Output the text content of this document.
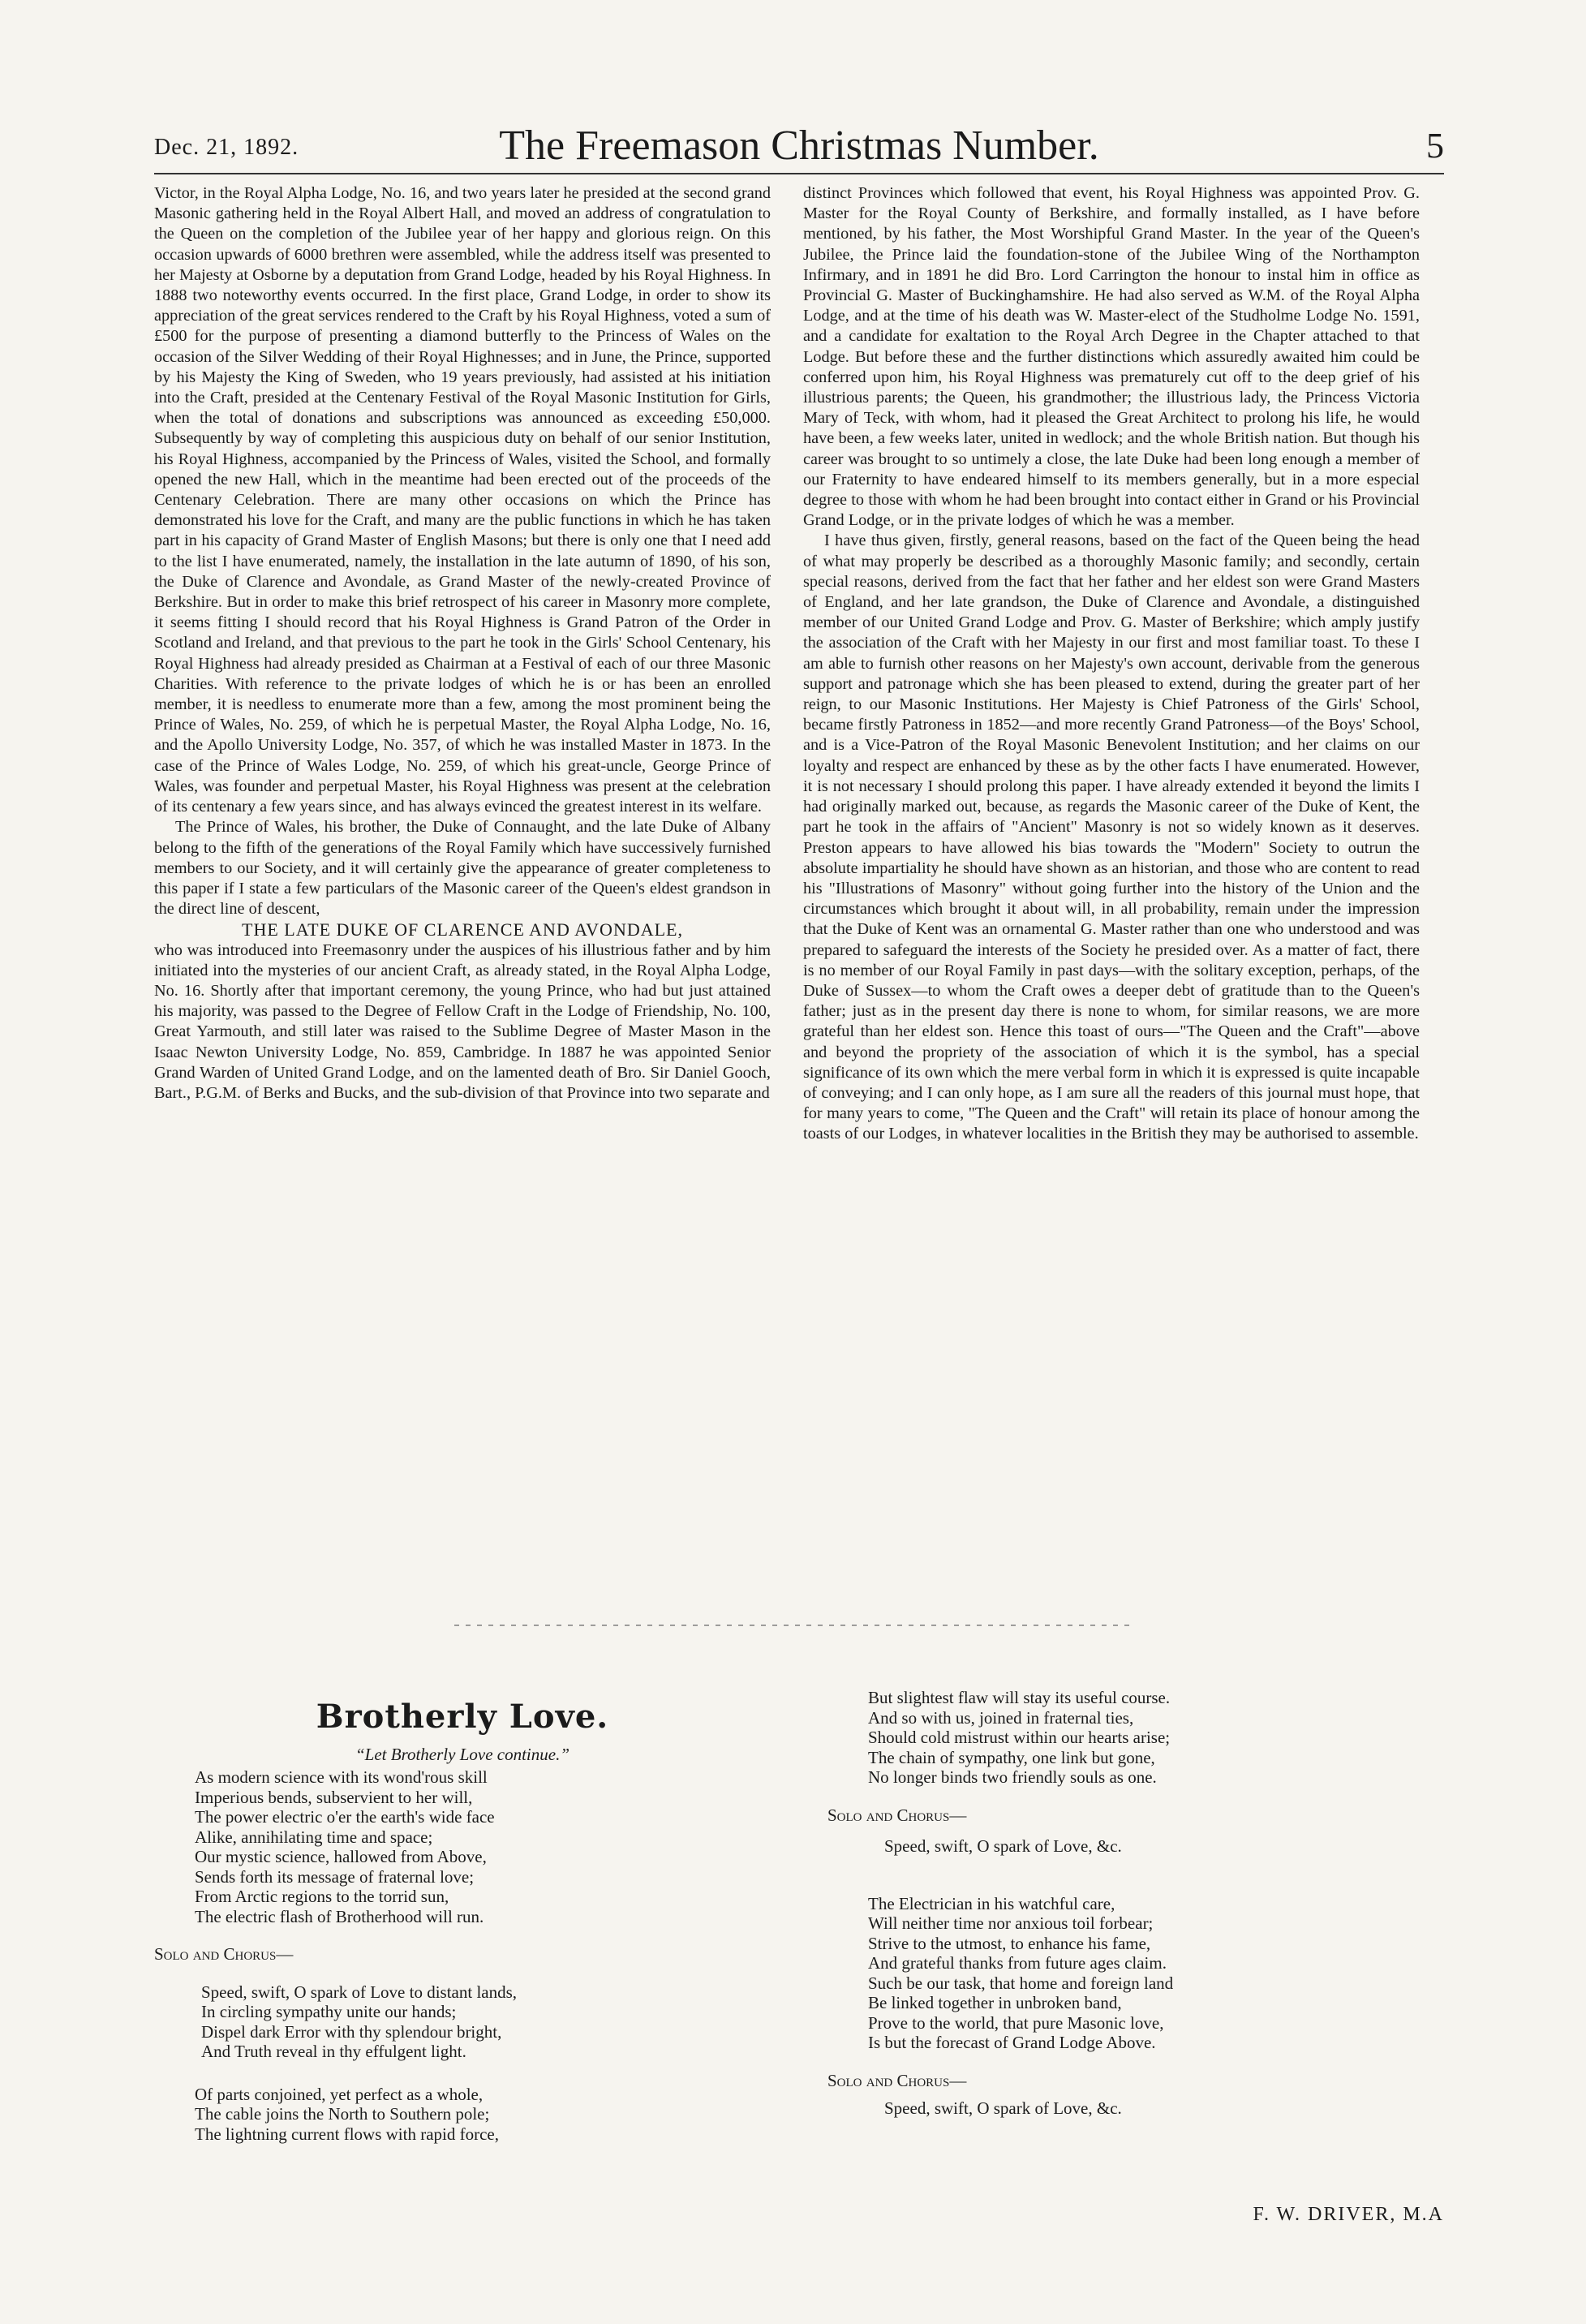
Dec. 21, 1892.	The Freemason Christmas Number.	5

Victor, in the Royal Alpha Lodge, No. 16, and two years later he presided at the second grand Masonic gathering held in the Royal Albert Hall, and moved an address of congratulation to the Queen on the completion of the Jubilee year of her happy and glorious reign. On this occasion upwards of 6000 brethren were assembled, while the address itself was presented to her Majesty at Osborne by a deputation from Grand Lodge, headed by his Royal Highness. In 1888 two noteworthy events occurred. In the first place, Grand Lodge, in order to show its appreciation of the great services rendered to the Craft by his Royal Highness, voted a sum of £500 for the purpose of presenting a diamond butterfly to the Princess of Wales on the occasion of the Silver Wedding of their Royal Highnesses; and in June, the Prince, supported by his Majesty the King of Sweden, who 19 years previously, had assisted at his initiation into the Craft, presided at the Centenary Festival of the Royal Masonic Institution for Girls, when the total of donations and subscriptions was announced as exceeding £50,000. Subsequently by way of completing this auspicious duty on behalf of our senior Institution, his Royal Highness, accompanied by the Princess of Wales, visited the School, and formally opened the new Hall, which in the meantime had been erected out of the proceeds of the Centenary Celebration. There are many other occasions on which the Prince has demonstrated his love for the Craft, and many are the public functions in which he has taken part in his capacity of Grand Master of English Masons; but there is only one that I need add to the list I have enumerated, namely, the installation in the late autumn of 1890, of his son, the Duke of Clarence and Avondale, as Grand Master of the newly-created Province of Berkshire. But in order to make this brief retrospect of his career in Masonry more complete, it seems fitting I should record that his Royal Highness is Grand Patron of the Order in Scotland and Ireland, and that previous to the part he took in the Girls' School Centenary, his Royal Highness had already presided as Chairman at a Festival of each of our three Masonic Charities. With reference to the private lodges of which he is or has been an enrolled member, it is needless to enumerate more than a few, among the most prominent being the Prince of Wales, No. 259, of which he is perpetual Master, the Royal Alpha Lodge, No. 16, and the Apollo University Lodge, No. 357, of which he was installed Master in 1873. In the case of the Prince of Wales Lodge, No. 259, of which his great-uncle, George Prince of Wales, was founder and perpetual Master, his Royal Highness was present at the celebration of its centenary a few years since, and has always evinced the greatest interest in its welfare.

The Prince of Wales, his brother, the Duke of Connaught, and the late Duke of Albany belong to the fifth of the generations of the Royal Family which have successively furnished members to our Society, and it will certainly give the appearance of greater completeness to this paper if I state a few particulars of the Masonic career of the Queen's eldest grandson in the direct line of descent,

THE LATE DUKE OF CLARENCE AND AVONDALE,

who was introduced into Freemasonry under the auspices of his illustrious father and by him initiated into the mysteries of our ancient Craft, as already stated, in the Royal Alpha Lodge, No. 16. Shortly after that important ceremony, the young Prince, who had but just attained his majority, was passed to the Degree of Fellow Craft in the Lodge of Friendship, No. 100, Great Yarmouth, and still later was raised to the Sublime Degree of Master Mason in the Isaac Newton University Lodge, No. 859, Cambridge. In 1887 he was appointed Senior Grand Warden of United Grand Lodge, and on the lamented death of Bro. Sir Daniel Gooch, Bart., P.G.M. of Berks and Bucks, and the sub-division of that Province into two separate and

distinct Provinces which followed that event, his Royal Highness was appointed Prov. G. Master for the Royal County of Berkshire, and formally installed, as I have before mentioned, by his father, the Most Worshipful Grand Master. In the year of the Queen's Jubilee, the Prince laid the foundation-stone of the Jubilee Wing of the Northampton Infirmary, and in 1891 he did Bro. Lord Carrington the honour to instal him in office as Provincial G. Master of Buckinghamshire. He had also served as W.M. of the Royal Alpha Lodge, and at the time of his death was W. Master-elect of the Studholme Lodge No. 1591, and a candidate for exaltation to the Royal Arch Degree in the Chapter attached to that Lodge. But before these and the further distinctions which assuredly awaited him could be conferred upon him, his Royal Highness was prematurely cut off to the deep grief of his illustrious parents; the Queen, his grandmother; the illustrious lady, the Princess Victoria Mary of Teck, with whom, had it pleased the Great Architect to prolong his life, he would have been, a few weeks later, united in wedlock; and the whole British nation. But though his career was brought to so untimely a close, the late Duke had been long enough a member of our Fraternity to have endeared himself to its members generally, but in a more especial degree to those with whom he had been brought into contact either in Grand or his Provincial Grand Lodge, or in the private lodges of which he was a member.

I have thus given, firstly, general reasons, based on the fact of the Queen being the head of what may properly be described as a thoroughly Masonic family; and secondly, certain special reasons, derived from the fact that her father and her eldest son were Grand Masters of England, and her late grandson, the Duke of Clarence and Avondale, a distinguished member of our United Grand Lodge and Prov. G. Master of Berkshire; which amply justify the association of the Craft with her Majesty in our first and most familiar toast. To these I am able to furnish other reasons on her Majesty's own account, derivable from the generous support and patronage which she has been pleased to extend, during the greater part of her reign, to our Masonic Institutions. Her Majesty is Chief Patroness of the Girls' School, became firstly Patroness in 1852—and more recently Grand Patroness—of the Boys' School, and is a Vice-Patron of the Royal Masonic Benevolent Institution; and her claims on our loyalty and respect are enhanced by these as by the other facts I have enumerated. However, it is not necessary I should prolong this paper. I have already extended it beyond the limits I had originally marked out, because, as regards the Masonic career of the Duke of Kent, the part he took in the affairs of "Ancient" Masonry is not so widely known as it deserves. Preston appears to have allowed his bias towards the "Modern" Society to outrun the absolute impartiality he should have shown as an historian, and those who are content to read his "Illustrations of Masonry" without going further into the history of the Union and the circumstances which brought it about will, in all probability, remain under the impression that the Duke of Kent was an ornamental G. Master rather than one who understood and was prepared to safeguard the interests of the Society he presided over. As a matter of fact, there is no member of our Royal Family in past days—with the solitary exception, perhaps, of the Duke of Sussex—to whom the Craft owes a deeper debt of gratitude than to the Queen's father; just as in the present day there is none to whom, for similar reasons, we are more grateful than her eldest son. Hence this toast of ours—"The Queen and the Craft"—above and beyond the propriety of the association of which it is the symbol, has a special significance of its own which the mere verbal form in which it is expressed is quite incapable of conveying; and I can only hope, as I am sure all the readers of this journal must hope, that for many years to come, "The Queen and the Craft" will retain its place of honour among the toasts of our Lodges, in whatever localities in the British they may be authorised to assemble.

Brotherly Love.
“Let Brotherly Love continue.”
As modern science with its wond'rous skill
Imperious bends, subservient to her will,
The power electric o'er the earth's wide face
Alike, annihilating time and space;
Our mystic science, hallowed from Above,
Sends forth its message of fraternal love;
From Arctic regions to the torrid sun,
The electric flash of Brotherhood will run.
Solo and Chorus—
Speed, swift, O spark of Love to distant lands,
In circling sympathy unite our hands;
Dispel dark Error with thy splendour bright,
And Truth reveal in thy effulgent light.
Of parts conjoined, yet perfect as a whole,
The cable joins the North to Southern pole;
The lightning current flows with rapid force,
But slightest flaw will stay its useful course.
And so with us, joined in fraternal ties,
Should cold mistrust within our hearts arise;
The chain of sympathy, one link but gone,
No longer binds two friendly souls as one.
Solo and Chorus—
Speed, swift, O spark of Love, &c.
The Electrician in his watchful care,
Will neither time nor anxious toil forbear;
Strive to the utmost, to enhance his fame,
And grateful thanks from future ages claim.
Such be our task, that home and foreign land
Be linked together in unbroken band,
Prove to the world, that pure Masonic love,
Is but the forecast of Grand Lodge Above.
Solo and Chorus—
Speed, swift, O spark of Love, &c.
F. W. DRIVER, M.A
